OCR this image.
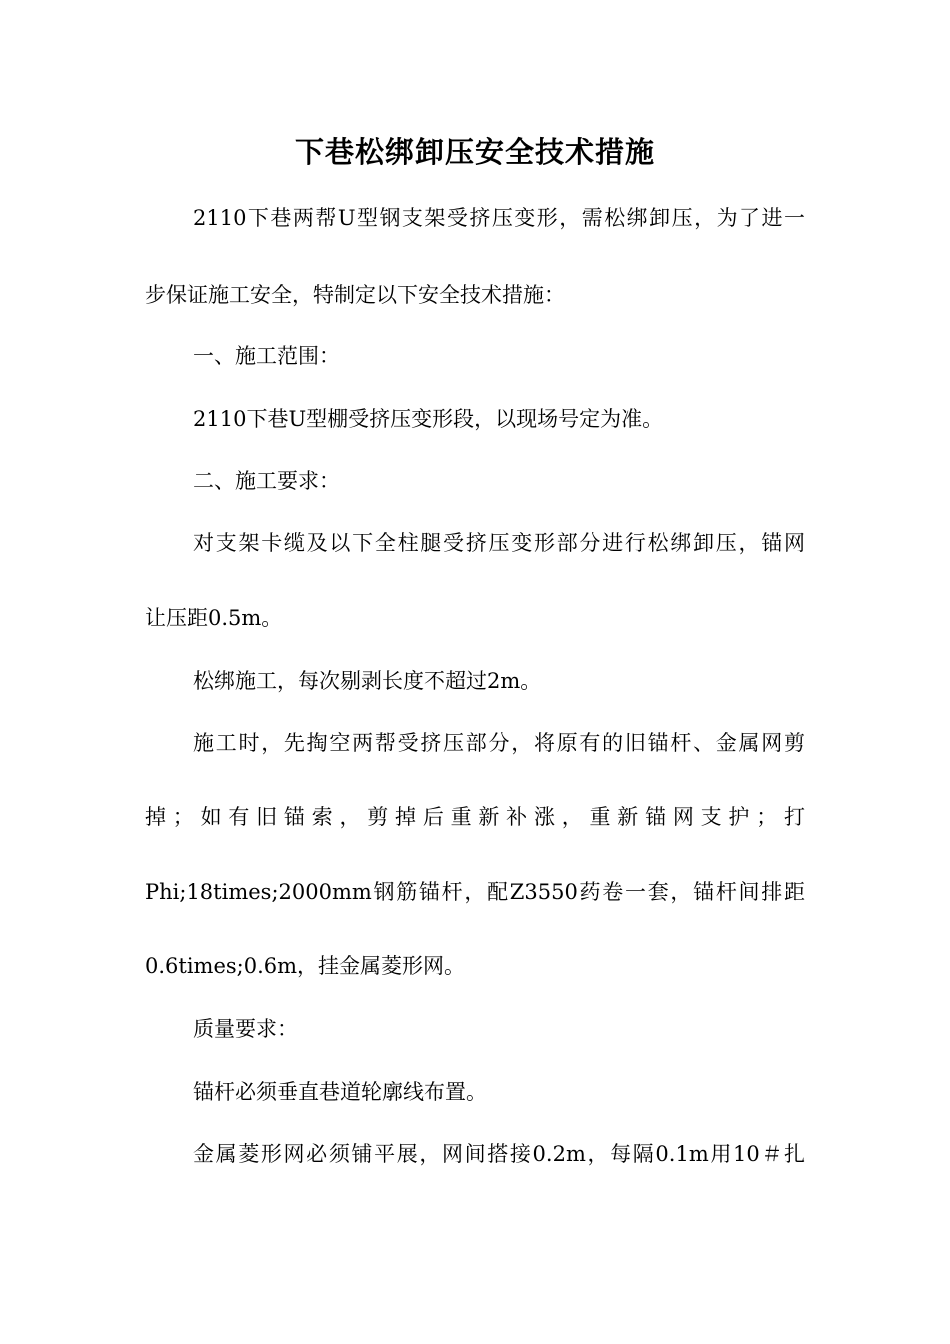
下巷松绑卸压安全技术措施
2110下巷两帮U型钢支架受挤压变形，需松绑卸压，为了进一
步保证施工安全，特制定以下安全技术措施：
一、施工范围：
2110下巷U型棚受挤压变形段，以现场号定为准。
二、施工要求：
对支架卡缆及以下全柱腿受挤压变形部分进行松绑卸压，锚网
让压距0.5m。
松绑施工，每次剔剥长度不超过2m。
施工时，先掏空两帮受挤压部分，将原有的旧锚杆、金属网剪
掉；如有旧锚索，剪掉后重新补涨，重新锚网支护；打
Phi;18times;2000mm钢筋锚杆，配Z3550药卷一套，锚杆间排距
0.6times;0.6m，挂金属菱形网。
质量要求：
锚杆必须垂直巷道轮廓线布置。
金属菱形网必须铺平展，网间搭接0.2m，每隔0.1m用10＃扎
